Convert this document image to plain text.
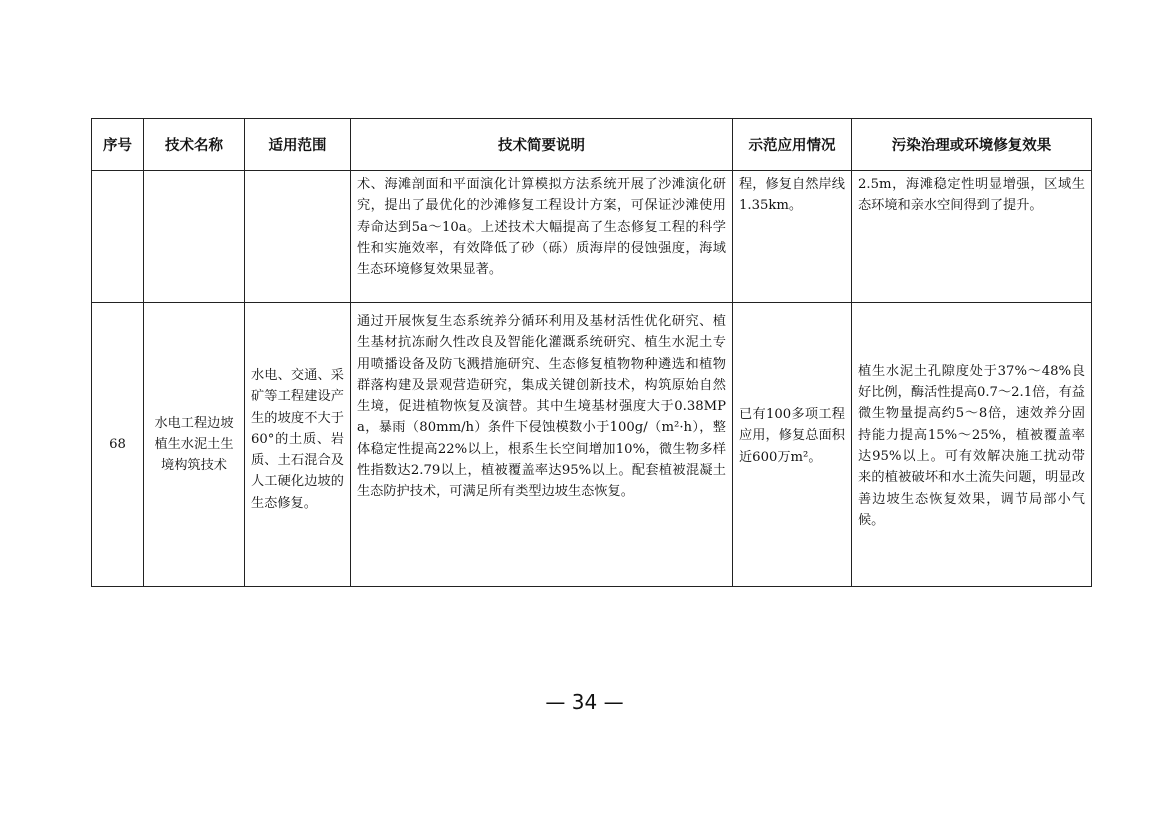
序号	技术名称	适用范围	技术简要说明	示范应用情况	污染治理或环境修复效果
			术、海滩剖面和平面演化计算模拟方法系统开展了沙滩演化研究，提出了最优化的沙滩修复工程设计方案，可保证沙滩使用寿命达到5a～10a。上述技术大幅提高了生态修复工程的科学性和实施效率，有效降低了砂（砾）质海岸的侵蚀强度，海域生态环境修复效果显著。	程，修复自然岸线1.35km。	2.5m，海滩稳定性明显增强，区域生态环境和亲水空间得到了提升。
68	水电工程边坡植生水泥土生境构筑技术	水电、交通、采矿等工程建设产生的坡度不大于60°的土质、岩质、土石混合及人工硬化边坡的生态修复。	通过开展恢复生态系统养分循环利用及基材活性优化研究、植生基材抗冻耐久性改良及智能化灌溉系统研究、植生水泥土专用喷播设备及防飞溅措施研究、生态修复植物物种遴选和植物群落构建及景观营造研究，集成关键创新技术，构筑原始自然生境，促进植物恢复及演替。其中生境基材强度大于0.38MPa，暴雨（80mm/h）条件下侵蚀模数小于100g/（m²·h），整体稳定性提高22%以上，根系生长空间增加10%，微生物多样性指数达2.79以上，植被覆盖率达95%以上。配套植被混凝土生态防护技术，可满足所有类型边坡生态恢复。	已有100多项工程应用，修复总面积近600万m²。	植生水泥土孔隙度处于37%～48%良好比例，酶活性提高0.7～2.1倍，有益微生物量提高约5～8倍，速效养分固持能力提高15%～25%，植被覆盖率达95%以上。可有效解决施工扰动带来的植被破坏和水土流失问题，明显改善边坡生态恢复效果，调节局部小气候。
— 34 —
